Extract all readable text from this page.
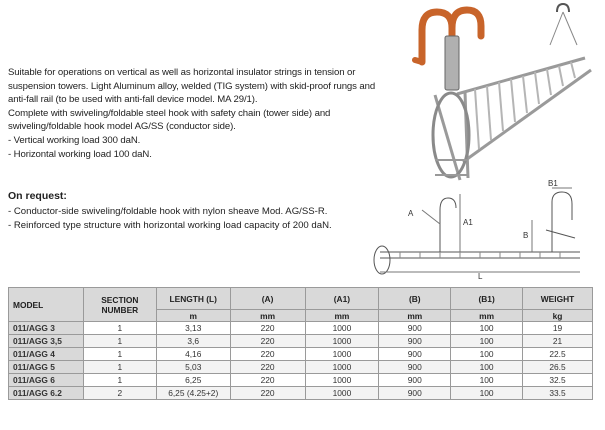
A
A1
B
B1
L

Suitable for operations on vertical as well as horizontal insulator strings in tension or suspension towers. Light Aluminum alloy, welded (TIG system) with skid-proof rungs and anti-fall rail (to be used with anti-fall device model. MA 29/1).

Complete with swiveling/foldable steel hook with safety chain (tower side) and swiveling/foldable hook model AG/SS (conductor side).

- Vertical working load 300 daN.

- Horizontal working load 100 daN.

On request:

- Conductor-side swiveling/foldable hook with nylon sheave Mod. AG/SS-R.

- Reinforced type structure with horizontal working load capacity of 200 daN.

MODEL	SECTION NUMBER	LENGTH (L)	(A)	(A1)	(B)	(B1)	WEIGHT
		m	mm	mm	mm	mm	kg
011/AGG 3	1	3,13	220	1000	900	100	19
011/AGG 3,5	1	3,6	220	1000	900	100	21
011/AGG 4	1	4,16	220	1000	900	100	22.5
011/AGG 5	1	5,03	220	1000	900	100	26.5
011/AGG 6	1	6,25	220	1000	900	100	32.5
011/AGG 6.2	2	6,25 (4.25+2)	220	1000	900	100	33.5
